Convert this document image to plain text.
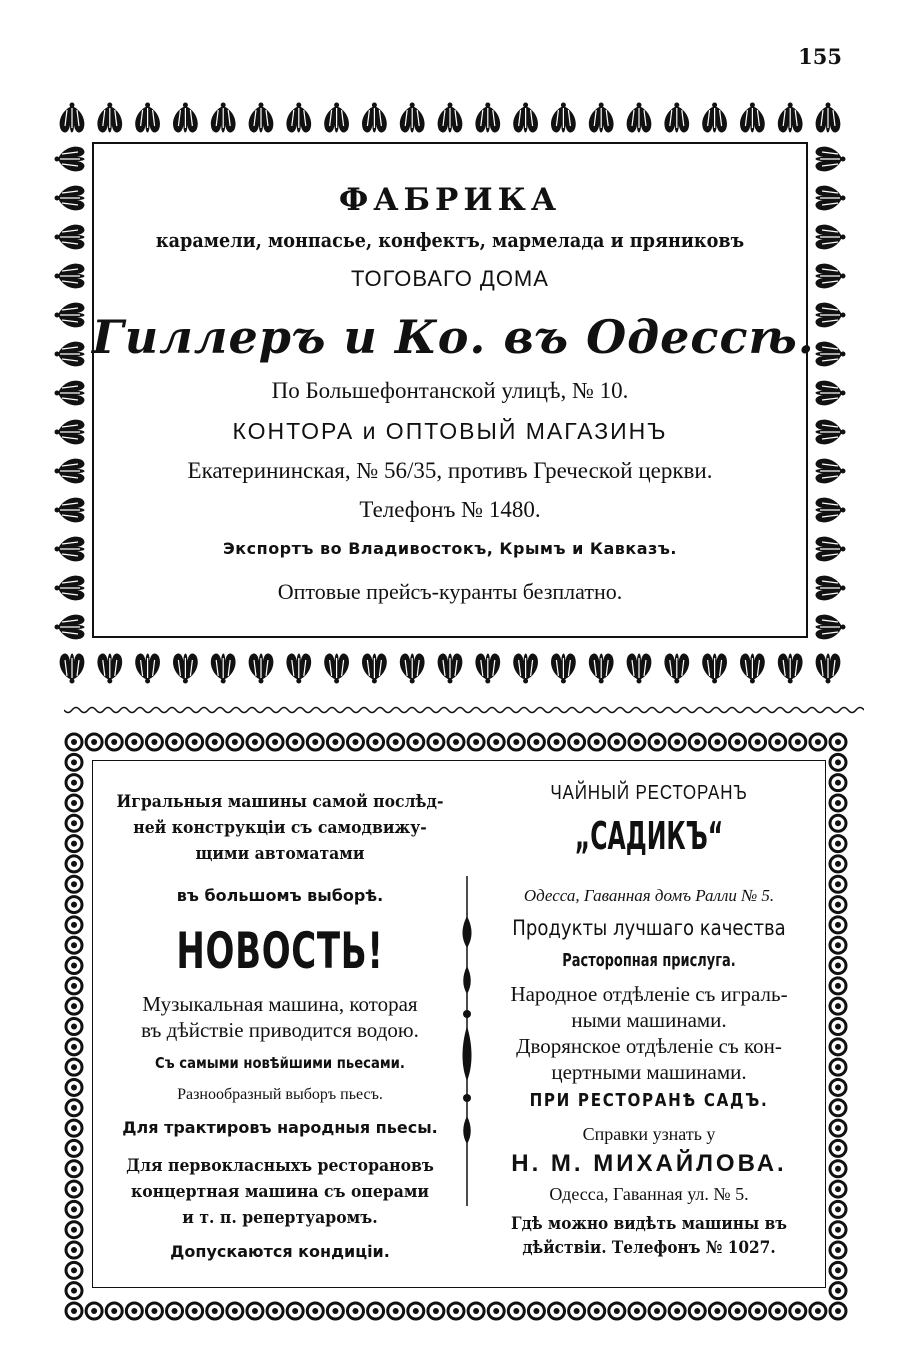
155
ФАБРИКА
карамели, монпасье, конфектъ, мармелада и пряниковъ
ТОГОВАГО ДОМА
Гиллеръ и Ко. въ Одессѣ.
По Большефонтанской улицѣ, № 10.
КОНТОРА и ОПТОВЫЙ МАГАЗИНЪ
Екатерининская, № 56/35, противъ Греческой церкви.
Телефонъ № 1480.
Экспортъ во Владивостокъ, Крымъ и Кавказъ.
Оптовые прейсъ-куранты безплатно.
Игральныя машины самой послѣд-
ней конструкціи съ самодвижу-
щими автоматами
въ большомъ выборѣ.
НОВОСТЬ!
Музыкальная машина, которая
въ дѣйствіе приводится водою.
Съ самыми новѣйшими пьесами.
Разнообразный выборъ пьесъ.
Для трактировъ народныя пьесы.
Для первокласныхъ ресторановъ
концертная машина съ операми
и т. п. репертуаромъ.
Допускаются кондиціи.
ЧАЙНЫЙ РЕСТОРАНЪ
„САДИКЪ“
Одесса, Гаванная домъ Ралли № 5.
Продукты лучшаго качества
Расторопная прислуга.
Народное отдѣленіе съ играль-
ными машинами.
Дворянское отдѣленіе съ кон-
цертными машинами.
ПРИ РЕСТОРАНѢ САДЪ.
Справки узнать у
Н. М. МИХАЙЛОВА.
Одесса, Гаванная ул. № 5.
Гдѣ можно видѣть машины въ
дѣйствіи. Телефонъ № 1027.
